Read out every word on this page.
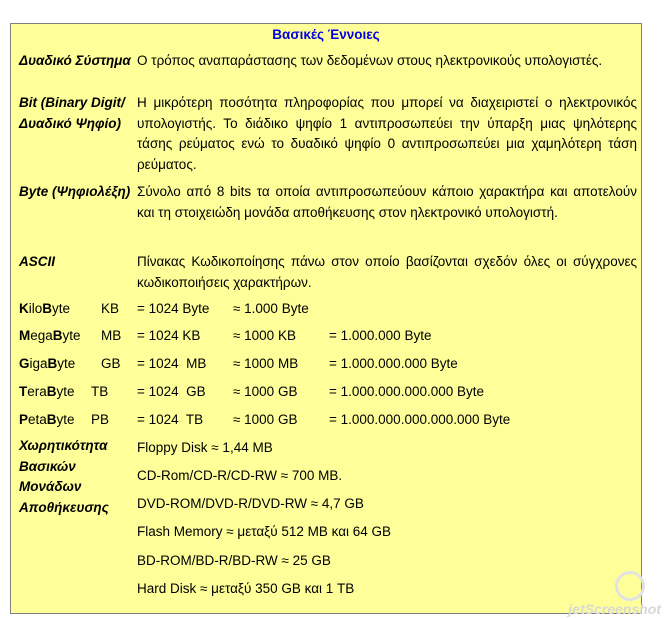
Βασικές Έννοιες
Δυαδικό Σύστημα Ο τρόπος αναπαράστασης των δεδομένων στους ηλεκτρονικούς υπολογιστές.
Bit (Binary Digit/Δυαδικό Ψηφίο)
Η μικρότερη ποσότητα πληροφορίας που μπορεί να διαχειριστεί ο ηλεκτρονικός υπολογιστής. Το διάδικο ψηφίο 1 αντιπροσωπεύει την ύπαρξη μιας ψηλότερης τάσης ρεύματος ενώ το δυαδικό ψηφίο 0 αντιπροσωπεύει μια χαμηλότερη τάση ρεύματος.
Byte (Ψηφιολέξη) Σύνολο από 8 bits τα οποία αντιπροσωπεύουν κάποιο χαρακτήρα και αποτελούν και τη στοιχειώδη μονάδα αποθήκευσης στον ηλεκτρονικό υπολογιστή.
ASCII	Πίνακας Κωδικοποίησης πάνω στον οποίο βασίζονται σχεδόν όλες οι σύγχρονες κωδικοποιήσεις χαρακτήρων.
KiloByte KB = 1024 Byte ≈ 1.000 Byte
MegaByte MB = 1024 KB ≈ 1000 KB = 1.000.000 Byte
GigaByte GB = 1024  MB ≈ 1000 MB = 1.000.000.000 Byte
TeraByte TB = 1024  GB ≈ 1000 GB = 1.000.000.000.000 Byte
PetaByte PB = 1024  TB ≈ 1000 GB = 1.000.000.000.000.000 Byte
Χωρητικότητα Βασικών Μονάδων Αποθήκευσης
Floppy Disk ≈ 1,44 MB
CD-Rom/CD-R/CD-RW ≈ 700 MB.
DVD-ROM/DVD-R/DVD-RW ≈ 4,7 GB
Flash Memory ≈ μεταξύ 512 MB και 64 GB
BD-ROM/BD-R/BD-RW ≈ 25 GB
Hard Disk ≈ μεταξύ 350 GB και 1 TB
jetScreenshot
